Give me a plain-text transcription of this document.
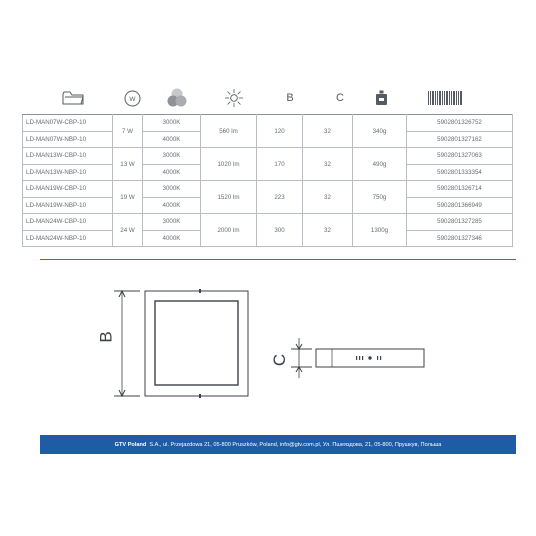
W	B	C
LD-MAN07W-CBP-10	7 W	3000K	560 lm	120	32	340g	5902801326752
LD-MAN07W-NBP-10		4000K					5902801327162
LD-MAN13W-CBP-10	13 W	3000K	1020 lm	170	32	490g	5902801327063
LD-MAN13W-NBP-10		4000K					5902801333354
LD-MAN19W-CBP-10	19 W	3000K	1520 lm	223	32	750g	5902801326714
LD-MAN19W-NBP-10		4000K					5902801366949
LD-MAN24W-CBP-10	24 W	3000K	2000 lm	300	32	1300g	5902801327285
LD-MAN24W-NBP-10		4000K					5902801327346
B
C
GTV Poland S.A., ul. Przejazdowa 21, 05-800 Pruszków, Poland, info@gtv.com.pl, Ул. Пшеяздова, 21, 05-800, Прушкув, Польша
